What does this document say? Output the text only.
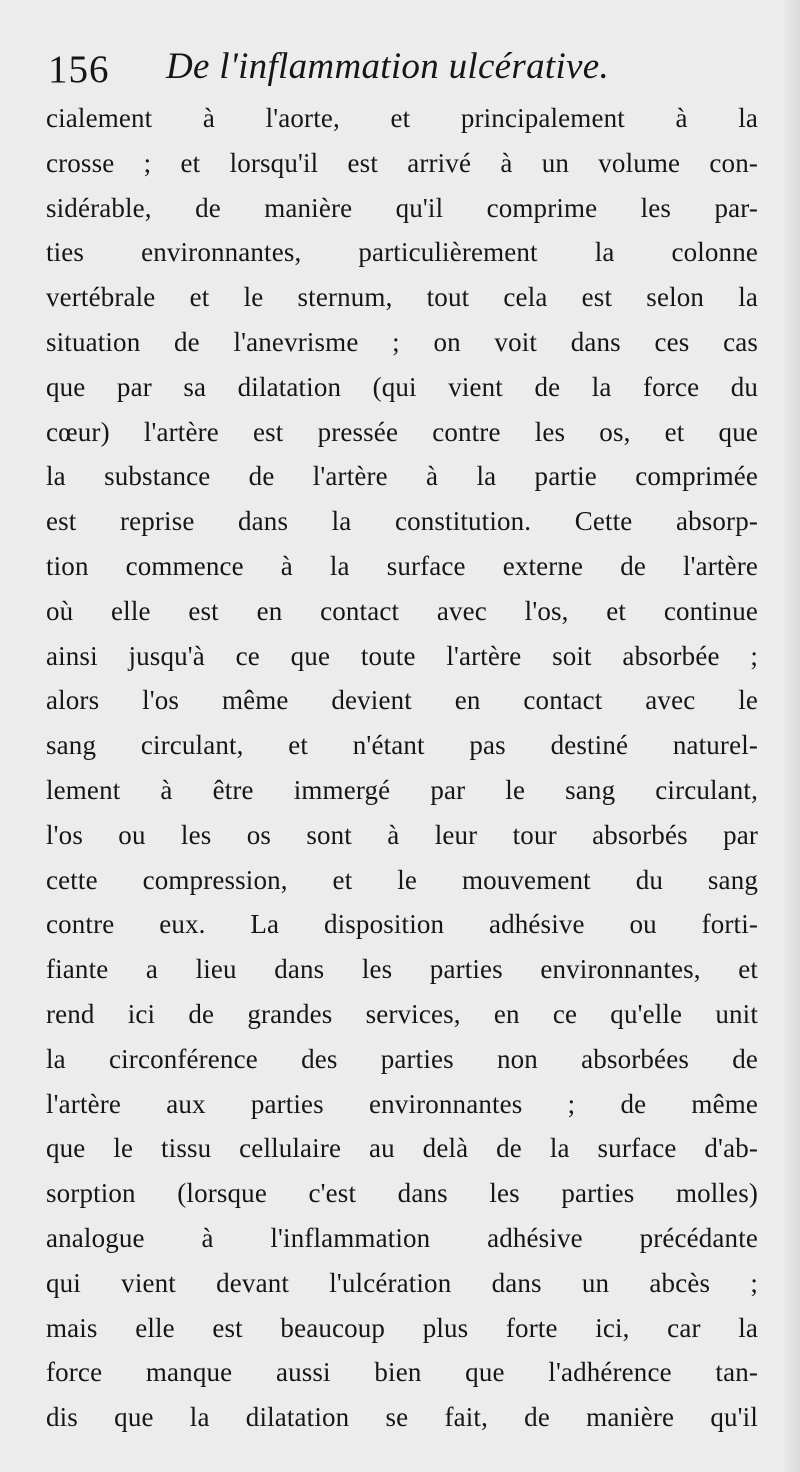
156 De l'inflammation ulcérative.
cialement à l'aorte, et principalement à la
crosse ; et lorsqu'il est arrivé à un volume con-
sidérable, de manière qu'il comprime les par-
ties environnantes, particulièrement la colonne
vertébrale et le sternum, tout cela est selon la
situation de l'anevrisme ; on voit dans ces cas
que par sa dilatation (qui vient de la force du
cœur) l'artère est pressée contre les os, et que
la substance de l'artère à la partie comprimée
est reprise dans la constitution. Cette absorp-
tion commence à la surface externe de l'artère
où elle est en contact avec l'os, et continue
ainsi jusqu'à ce que toute l'artère soit absorbée ;
alors l'os même devient en contact avec le
sang circulant, et n'étant pas destiné naturel-
lement à être immergé par le sang circulant,
l'os ou les os sont à leur tour absorbés par
cette compression, et le mouvement du sang
contre eux. La disposition adhésive ou forti-
fiante a lieu dans les parties environnantes, et
rend ici de grandes services, en ce qu'elle unit
la circonférence des parties non absorbées de
l'artère aux parties environnantes ; de même
que le tissu cellulaire au delà de la surface d'ab-
sorption (lorsque c'est dans les parties molles)
analogue à l'inflammation adhésive précédante
qui vient devant l'ulcération dans un abcès ;
mais elle est beaucoup plus forte ici, car la
force manque aussi bien que l'adhérence tan-
dis que la dilatation se fait, de manière qu'il
